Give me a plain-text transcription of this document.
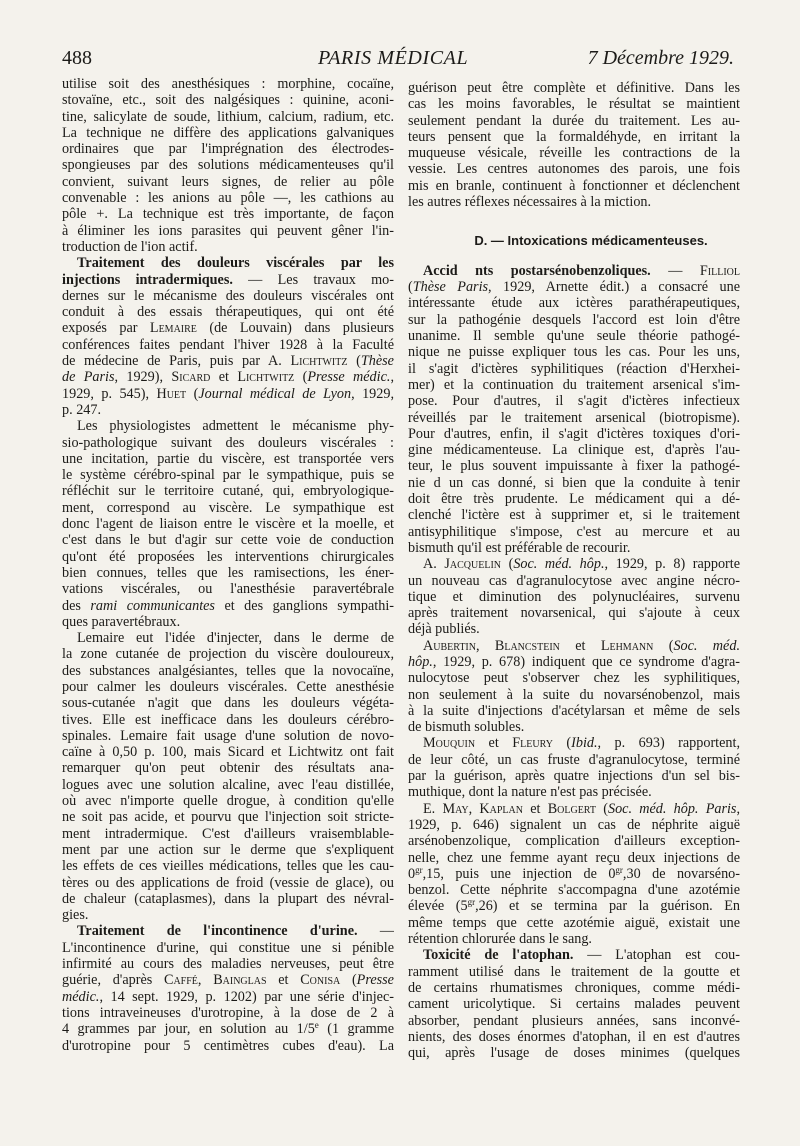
488	PARIS MÉDICAL	7 Décembre 1929.
utilise soit des anesthésiques : morphine, cocaïne,
stovaïne, etc., soit des nalgésiques : quinine, aconi-
tine, salicylate de soude, lithium, calcium, radium, etc.
La technique ne diffère des applications galvaniques
ordinaires que par l'imprégnation des électrodes-
spongieuses par des solutions médicamenteuses qu'il
convient, suivant leurs signes, de relier au pôle
convenable : les anions au pôle —, les cathions au
pôle +. La technique est très importante, de façon
à éliminer les ions parasites qui peuvent gêner l'in-
troduction de l'ion actif.
Traitement des douleurs viscérales par les
injections intradermiques. — Les travaux mo-
dernes sur le mécanisme des douleurs viscérales ont
conduit à des essais thérapeutiques, qui ont été
exposés par Lemaire (de Louvain) dans plusieurs
conférences faites pendant l'hiver 1928 à la Faculté
de médecine de Paris, puis par A. Lichtwitz (Thèse
de Paris, 1929), Sicard et Lichtwitz (Presse médic.,
1929, p. 545), Huet (Journal médical de Lyon, 1929,
p. 247.
Les physiologistes admettent le mécanisme phy-
sio-pathologique suivant des douleurs viscérales :
une incitation, partie du viscère, est transportée vers
le système cérébro-spinal par le sympathique, puis se
réfléchit sur le territoire cutané, qui, embryologique-
ment, correspond au viscère. Le sympathique est
donc l'agent de liaison entre le viscère et la moelle, et
c'est dans le but d'agir sur cette voie de conduction
qu'ont été proposées les interventions chirurgicales
bien connues, telles que les ramisections, les éner-
vations viscérales, ou l'anesthésie paravertébrale
des rami communicantes et des ganglions sympathi-
ques paravertébraux.
Lemaire eut l'idée d'injecter, dans le derme de
la zone cutanée de projection du viscère douloureux,
des substances analgésiantes, telles que la novocaïne,
pour calmer les douleurs viscérales. Cette anesthésie
sous-cutanée n'agit que dans les douleurs végéta-
tives. Elle est inefficace dans les douleurs cérébro-
spinales. Lemaire fait usage d'une solution de novo-
caïne à 0,50 p. 100, mais Sicard et Lichtwitz ont fait
remarquer qu'on peut obtenir des résultats ana-
logues avec une solution alcaline, avec l'eau distillée,
où avec n'importe quelle drogue, à condition qu'elle
ne soit pas acide, et pourvu que l'injection soit stricte-
ment intradermique. C'est d'ailleurs vraisemblable-
ment par une action sur le derme que s'expliquent
les effets de ces vieilles médications, telles que les cau-
tères ou des applications de froid (vessie de glace), ou
de chaleur (cataplasmes), dans la plupart des névral-
gies.
Traitement de l'incontinence d'urine. —
L'incontinence d'urine, qui constitue une si pénible
infirmité au cours des maladies nerveuses, peut être
guérie, d'après Caffé, Bainglas et Conisa (Presse
médic., 14 sept. 1929, p. 1202) par une série d'injec-
tions intraveineuses d'urotropine, à la dose de 2 à
4 grammes par jour, en solution au 1/5e (1 gramme
d'urotropine pour 5 centimètres cubes d'eau). La
guérison peut être complète et définitive. Dans les
cas les moins favorables, le résultat se maintient
seulement pendant la durée du traitement. Les au-
teurs pensent que la formaldéhyde, en irritant la
muqueuse vésicale, réveille les contractions de la
vessie. Les centres autonomes des parois, une fois
mis en branle, continuent à fonctionner et déclenchent
les autres réflexes nécessaires à la miction.
D. — Intoxications médicamenteuses.
Accid nts postarsénobenzoliques. — Filliol
(Thèse Paris, 1929, Arnette édit.) a consacré une
intéressante étude aux ictères parathérapeutiques,
sur la pathogénie desquels l'accord est loin d'être
unanime. Il semble qu'une seule théorie pathogé-
nique ne puisse expliquer tous les cas. Pour les uns,
il s'agit d'ictères syphilitiques (réaction d'Herxhei-
mer) et la continuation du traitement arsenical s'im-
pose. Pour d'autres, il s'agit d'ictères infectieux
réveillés par le traitement arsenical (biotropisme).
Pour d'autres, enfin, il s'agit d'ictères toxiques d'ori-
gine médicamenteuse. La clinique est, d'après l'au-
teur, le plus souvent impuissante à fixer la pathogé-
nie d un cas donné, si bien que la conduite à tenir
doit être très prudente. Le médicament qui a dé-
clenché l'ictère est à supprimer et, si le traitement
antisyphilitique s'impose, c'est au mercure et au
bismuth qu'il est préférable de recourir.
A. Jacquelin (Soc. méd. hôp., 1929, p. 8) rapporte
un nouveau cas d'agranulocytose avec angine nécro-
tique et diminution des polynucléaires, survenu
après traitement novarsenical, qui s'ajoute à ceux
déjà publiés.
Aubertin, Blancstein et Lehmann (Soc. méd.
hôp., 1929, p. 678) indiquent que ce syndrome d'agra-
nulocytose peut s'observer chez les syphilitiques,
non seulement à la suite du novarsénobenzol, mais
à la suite d'injections d'acétylarsan et même de sels
de bismuth solubles.
Mouquin et Fleury (Ibid., p. 693) rapportent,
de leur côté, un cas fruste d'agranulocytose, terminé
par la guérison, après quatre injections d'un sel bis-
muthique, dont la nature n'est pas précisée.
E. May, Kaplan et Bolgert (Soc. méd. hôp. Paris,
1929, p. 646) signalent un cas de néphrite aiguë
arsénobenzolique, complication d'ailleurs exception-
nelle, chez une femme ayant reçu deux injections de
$0^{gr},15$, puis une injection de $0^{gr},30$ de novarséno-
benzol. Cette néphrite s'accompagna d'une azotémie
élevée $(5^{gr},26)$ et se termina par la guérison. En
même temps que cette azotémie aiguë, existait une
rétention chlorurée dans le sang.
Toxicité de l'atophan. — L'atophan est cou-
ramment utilisé dans le traitement de la goutte et
de certains rhumatismes chroniques, comme médi-
cament uricolytique. Si certains malades peuvent
absorber, pendant plusieurs années, sans inconvé-
nients, des doses énormes d'atophan, il en est d'autres
qui, après l'usage de doses minimes (quelques
